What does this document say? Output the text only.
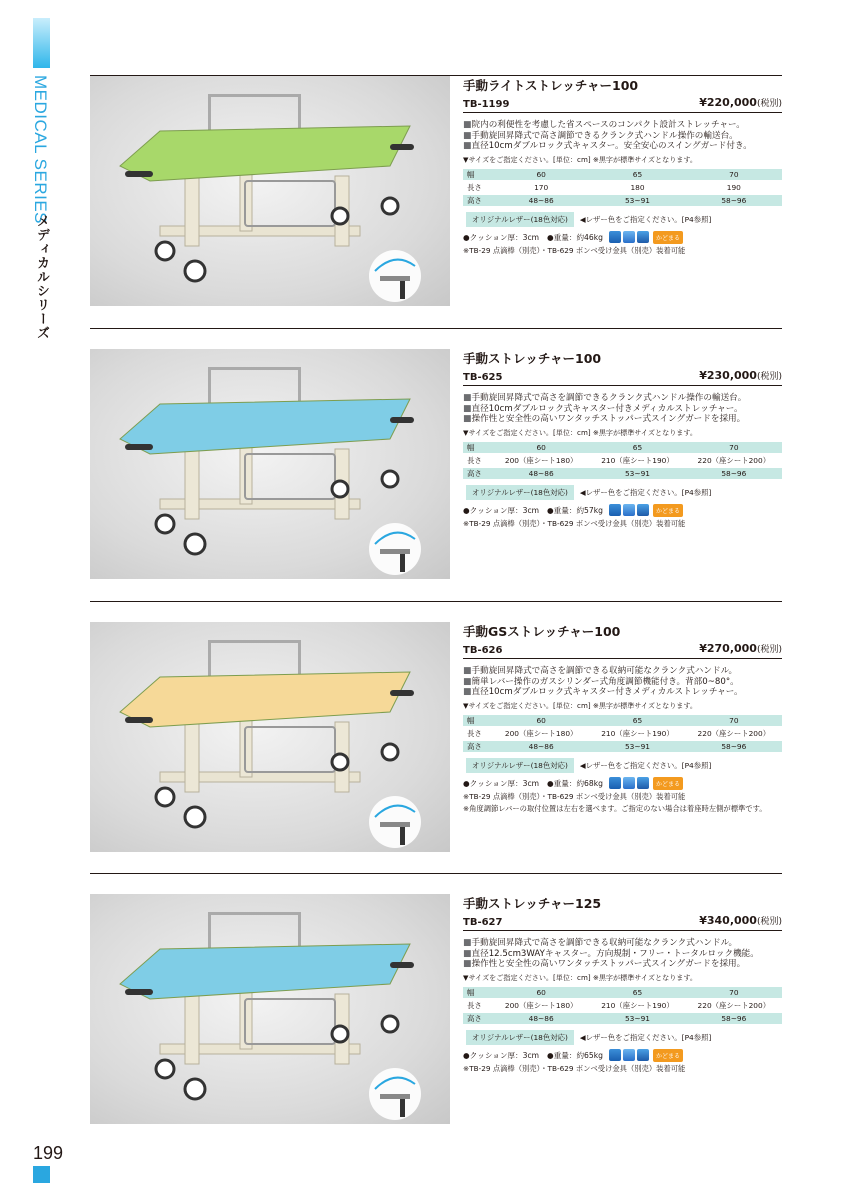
MEDICAL SERIES
メディカルシリーズ
手動ライトストレッチャー100
TB-1199	¥220,000(税別)
■院内の利便性を考慮した省スペースのコンパクト設計ストレッチャー。
■手動旋回昇降式で高さ調節できるクランク式ハンドル操作の輸送台。
■直径10cmダブルロック式キャスター。安全安心のスイングガード付き。
▼サイズをご指定ください。[単位：cm] ※黒字が標準サイズとなります。
幅	60	65	70
長さ	170	180	190
高さ	48~86	53~91	58~96
オリジナルレザー(18色対応)	◀レザー色をご指定ください。[P4参照]
●クッション厚：3cm ●重量：約46kg	かどまる
※TB-29 点滴棒（別売）・TB-629 ボンベ受け金具（別売）装着可能
手動ストレッチャー100
TB-625	¥230,000(税別)
■手動旋回昇降式で高さを調節できるクランク式ハンドル操作の輸送台。
■直径10cmダブルロック式キャスター付きメディカルストレッチャー。
■操作性と安全性の高いワンタッチストッパー式スイングガードを採用。
▼サイズをご指定ください。[単位：cm] ※黒字が標準サイズとなります。
幅	60	65	70
長さ	200（座シート180）	210（座シート190）	220（座シート200）
高さ	48~86	53~91	58~96
オリジナルレザー(18色対応)	◀レザー色をご指定ください。[P4参照]
●クッション厚：3cm ●重量：約57kg	かどまる
※TB-29 点滴棒（別売）・TB-629 ボンベ受け金具（別売）装着可能
手動GSストレッチャー100
TB-626	¥270,000(税別)
■手動旋回昇降式で高さを調節できる収納可能なクランク式ハンドル。
■簡単レバー操作のガスシリンダー式角度調節機能付き。背部0~80°。
■直径10cmダブルロック式キャスター付きメディカルストレッチャー。
▼サイズをご指定ください。[単位：cm] ※黒字が標準サイズとなります。
幅	60	65	70
長さ	200（座シート180）	210（座シート190）	220（座シート200）
高さ	48~86	53~91	58~96
オリジナルレザー(18色対応)	◀レザー色をご指定ください。[P4参照]
●クッション厚：3cm ●重量：約68kg	かどまる
※TB-29 点滴棒（別売）・TB-629 ボンベ受け金具（別売）装着可能
※角度調節レバーの取付位置は左右を選べます。ご指定のない場合は着座時左側が標準です。
手動ストレッチャー125
TB-627	¥340,000(税別)
■手動旋回昇降式で高さを調節できる収納可能なクランク式ハンドル。
■直径12.5cm3WAYキャスター。方向規制・フリー・トータルロック機能。
■操作性と安全性の高いワンタッチストッパー式スイングガードを採用。
▼サイズをご指定ください。[単位：cm] ※黒字が標準サイズとなります。
幅	60	65	70
長さ	200（座シート180）	210（座シート190）	220（座シート200）
高さ	48~86	53~91	58~96
オリジナルレザー(18色対応)	◀レザー色をご指定ください。[P4参照]
●クッション厚：3cm ●重量：約65kg	かどまる
※TB-29 点滴棒（別売）・TB-629 ボンベ受け金具（別売）装着可能
199
